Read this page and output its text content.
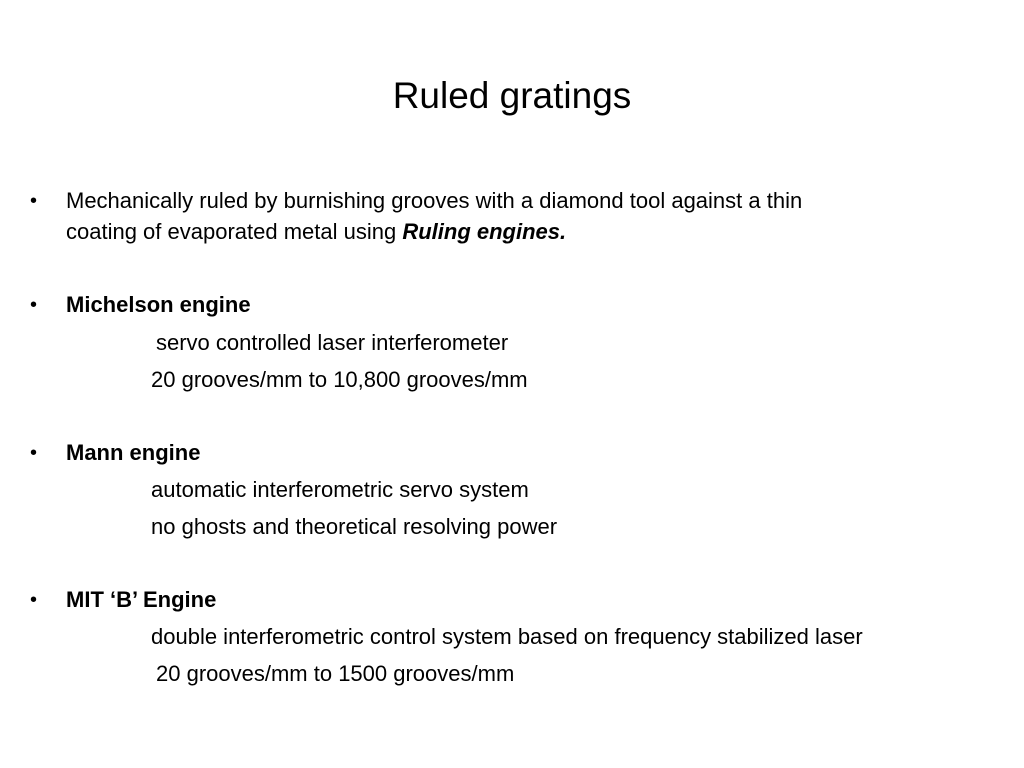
Ruled gratings
• Mechanically ruled by burnishing grooves with a diamond tool against a thin
coating of evaporated metal using Ruling engines.
• Michelson engine
servo controlled laser interferometer
20 grooves/mm to 10,800 grooves/mm
• Mann engine
automatic interferometric servo system
no ghosts and theoretical resolving power
• MIT ‘B’ Engine
double interferometric control system based on frequency stabilized laser
20 grooves/mm to 1500 grooves/mm
